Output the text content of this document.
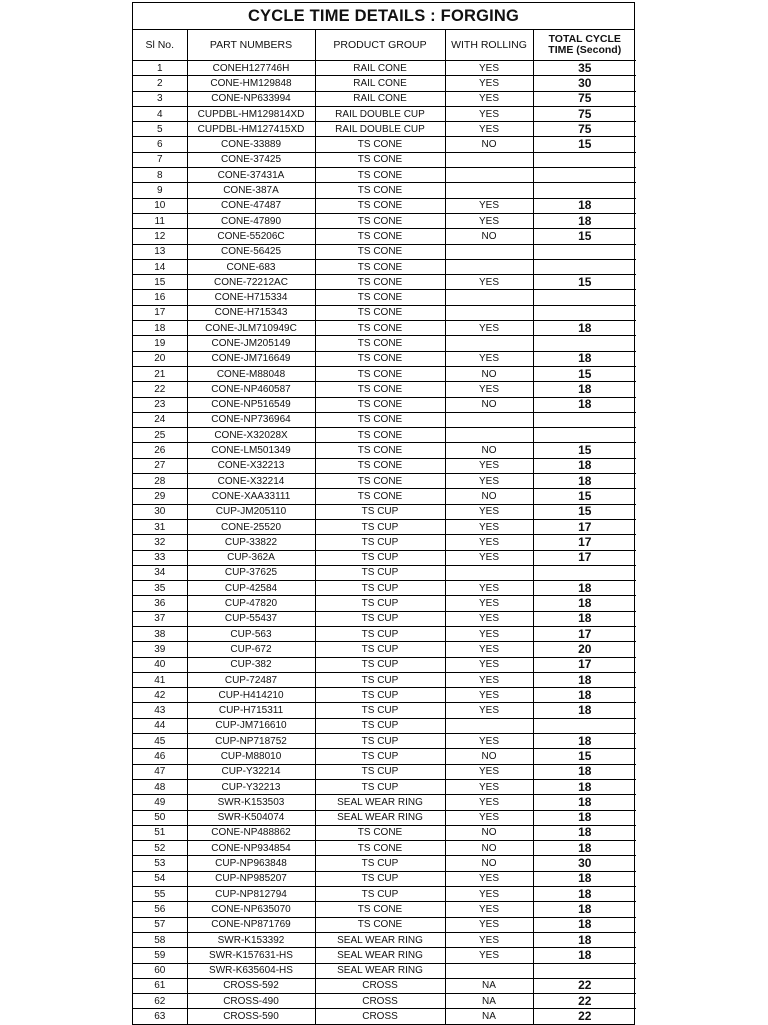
CYCLE TIME DETAILS : FORGING
Sl No.	PART NUMBERS	PRODUCT GROUP	WITH ROLLING	TOTAL CYCLE TIME (Second)
1	CONEH127746H	RAIL CONE	YES	35
2	CONE-HM129848	RAIL CONE	YES	30
3	CONE-NP633994	RAIL CONE	YES	75
4	CUPDBL-HM129814XD	RAIL DOUBLE CUP	YES	75
5	CUPDBL-HM127415XD	RAIL DOUBLE CUP	YES	75
6	CONE-33889	TS CONE	NO	15
7	CONE-37425	TS CONE		
8	CONE-37431A	TS CONE		
9	CONE-387A	TS CONE		
10	CONE-47487	TS CONE	YES	18
11	CONE-47890	TS CONE	YES	18
12	CONE-55206C	TS CONE	NO	15
13	CONE-56425	TS CONE		
14	CONE-683	TS CONE		
15	CONE-72212AC	TS CONE	YES	15
16	CONE-H715334	TS CONE		
17	CONE-H715343	TS CONE		
18	CONE-JLM710949C	TS CONE	YES	18
19	CONE-JM205149	TS CONE		
20	CONE-JM716649	TS CONE	YES	18
21	CONE-M88048	TS CONE	NO	15
22	CONE-NP460587	TS CONE	YES	18
23	CONE-NP516549	TS CONE	NO	18
24	CONE-NP736964	TS CONE		
25	CONE-X32028X	TS CONE		
26	CONE-LM501349	TS CONE	NO	15
27	CONE-X32213	TS CONE	YES	18
28	CONE-X32214	TS CONE	YES	18
29	CONE-XAA33111	TS CONE	NO	15
30	CUP-JM205110	TS CUP	YES	15
31	CONE-25520	TS CUP	YES	17
32	CUP-33822	TS CUP	YES	17
33	CUP-362A	TS CUP	YES	17
34	CUP-37625	TS CUP		
35	CUP-42584	TS CUP	YES	18
36	CUP-47820	TS CUP	YES	18
37	CUP-55437	TS CUP	YES	18
38	CUP-563	TS CUP	YES	17
39	CUP-672	TS CUP	YES	20
40	CUP-382	TS CUP	YES	17
41	CUP-72487	TS CUP	YES	18
42	CUP-H414210	TS CUP	YES	18
43	CUP-H715311	TS CUP	YES	18
44	CUP-JM716610	TS CUP		
45	CUP-NP718752	TS CUP	YES	18
46	CUP-M88010	TS CUP	NO	15
47	CUP-Y32214	TS CUP	YES	18
48	CUP-Y32213	TS CUP	YES	18
49	SWR-K153503	SEAL WEAR RING	YES	18
50	SWR-K504074	SEAL WEAR RING	YES	18
51	CONE-NP488862	TS CONE	NO	18
52	CONE-NP934854	TS CONE	NO	18
53	CUP-NP963848	TS CUP	NO	30
54	CUP-NP985207	TS CUP	YES	18
55	CUP-NP812794	TS CUP	YES	18
56	CONE-NP635070	TS CONE	YES	18
57	CONE-NP871769	TS CONE	YES	18
58	SWR-K153392	SEAL WEAR RING	YES	18
59	SWR-K157631-HS	SEAL WEAR RING	YES	18
60	SWR-K635604-HS	SEAL WEAR RING		
61	CROSS-592	CROSS	NA	22
62	CROSS-490	CROSS	NA	22
63	CROSS-590	CROSS	NA	22
